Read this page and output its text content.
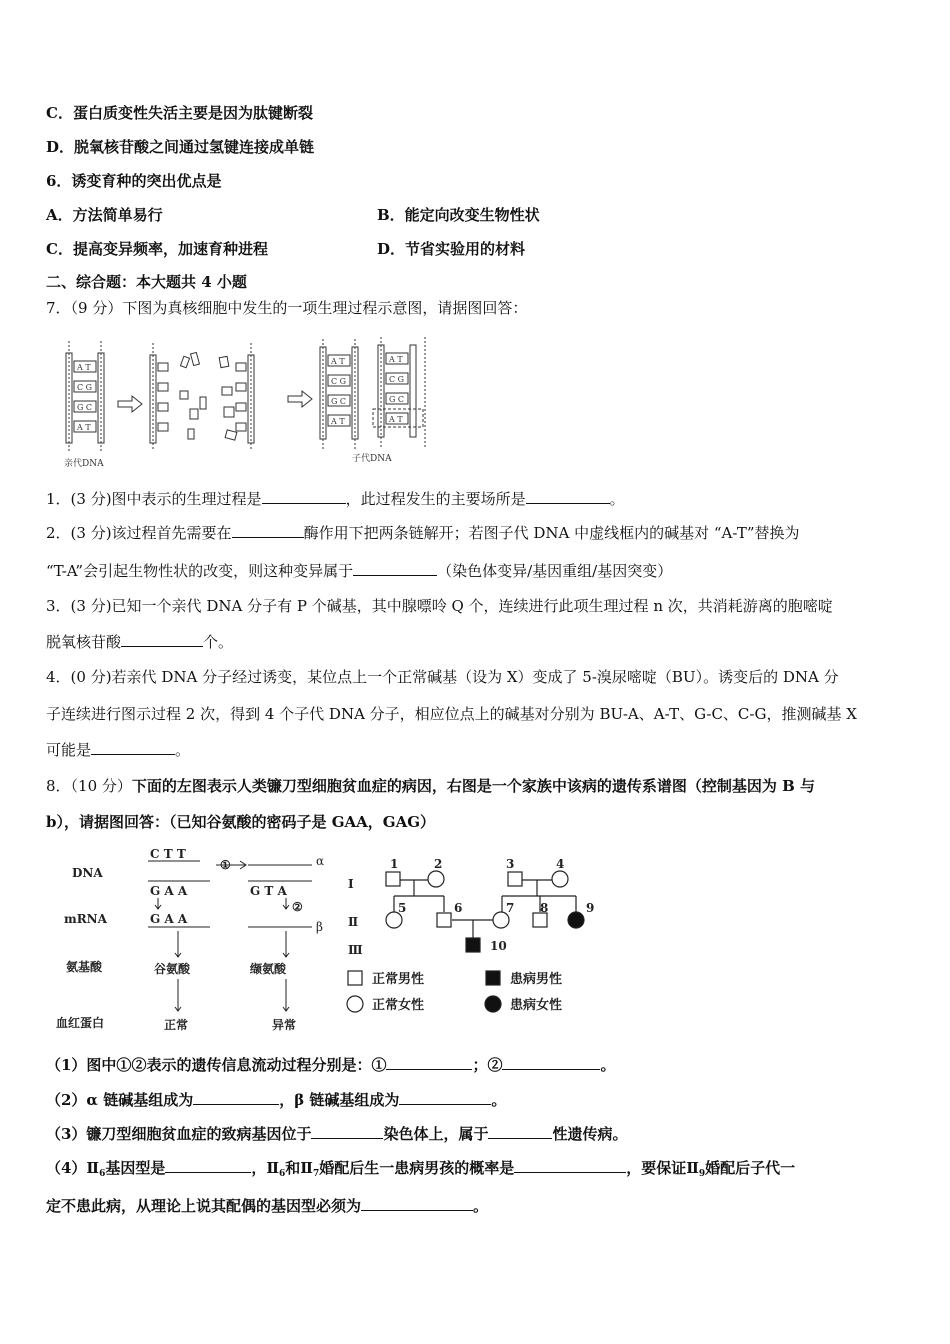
C．蛋白质变性失活主要是因为肽键断裂
D．脱氧核苷酸之间通过氢键连接成单链
6．诱变育种的突出优点是
A．方法简单易行	B．能定向改变生物性状
C．提高变异频率，加速育种进程	D．节省实验用的材料
二、综合题：本大题共 4 小题
7．（9 分）下图为真核细胞中发生的一项生理过程示意图，请据图回答：
A T
C G
G C
A T
亲代DNA
A T
C G
G C
A T
A T
C G
G C
A T
子代DNA
1．(3 分)图中表示的生理过程是	，此过程发生的主要场所是	。
2．(3 分)该过程首先需要在	酶作用下把两条链解开；若图子代 DNA 中虚线框内的碱基对 “A-T”替换为
“T-A”会引起生物性状的改变，则这种变异属于	（染色体变异/基因重组/基因突变）
3．(3 分)已知一个亲代 DNA 分子有 P 个碱基，其中腺嘌呤 Q 个，连续进行此项生理过程 n 次，共消耗游离的胞嘧啶
脱氧核苷酸	个。
4．(0 分)若亲代 DNA 分子经过诱变，某位点上一个正常碱基（设为 X）变成了 5-溴尿嘧啶（BU）。诱变后的 DNA 分
子连续进行图示过程 2 次，得到 4 个子代 DNA 分子，相应位点上的碱基对分别为 BU-A、A-T、G-C、C-G，推测碱基 X
可能是	。
8．（10 分）下面的左图表示人类镰刀型细胞贫血症的病因，右图是一个家族中该病的遗传系谱图（控制基因为 B 与
b），请据图回答：（已知谷氨酸的密码子是 GAA，GAG）
DNA
mRNA
氨基酸
血红蛋白
C T T
G A A	G T A
G A A
①
②
α
β
谷氨酸	缬氨酸
正常	异常
Ⅰ
Ⅱ
Ⅲ
1	2	3	4
5	6	7 8	9
10
正常男性	患病男性
正常女性	患病女性
（1）图中①②表示的遗传信息流动过程分别是：①	；②	。
（2）α 链碱基组成为	，β 链碱基组成为	。
（3）镰刀型细胞贫血症的致病基因位于	染色体上，属于	性遗传病。
$(4)Ⅱ_6$基因型是	，$Ⅱ_6$和$Ⅱ_7$婚配后生一患病男孩的概率是	，要保证$Ⅱ_9$婚配后子代一
定不患此病，从理论上说其配偶的基因型必须为	。
